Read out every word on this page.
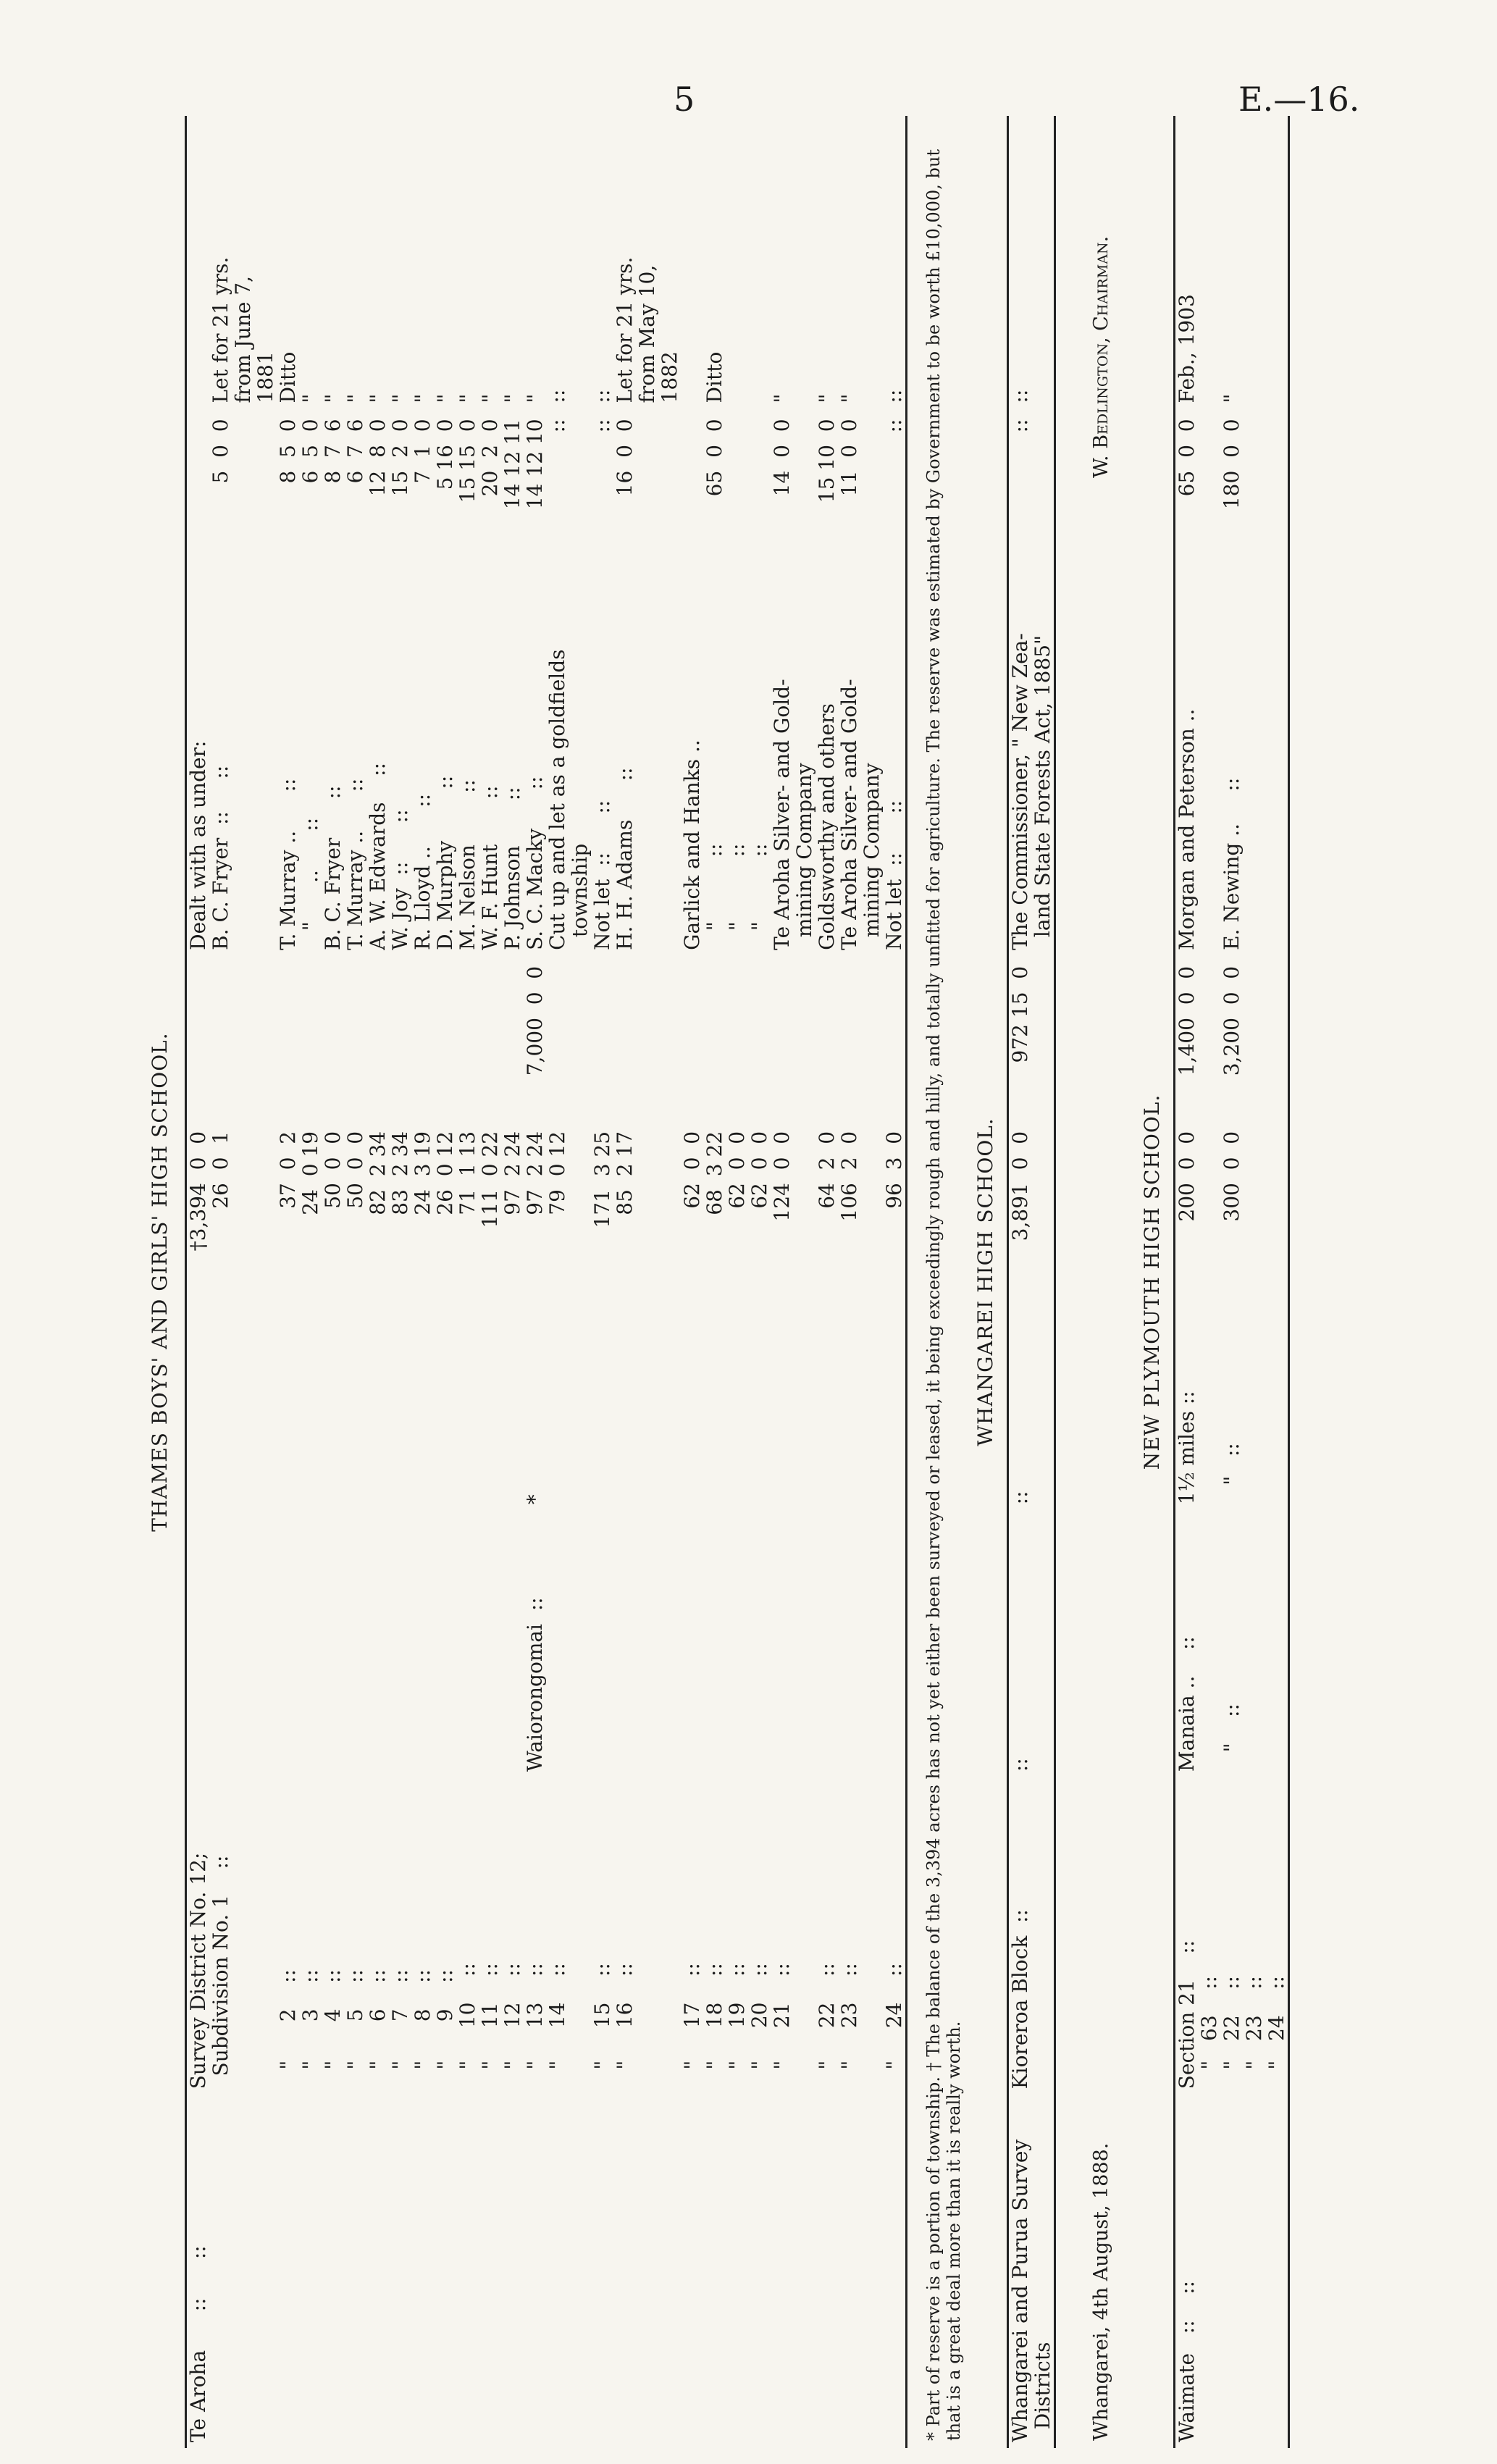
5	E.—16.
THAMES BOYS' AND GIRLS' HIGH SCHOOL.
Te Aroha      ::      ::
Survey District No. 12;
†3,394  0  0
Dealt with as under:
Subdivision No. 1    ::
26  0  1
B. C. Fryer  ::     ::
5  0  0
Let for 21 yrs.
from June 7,
1881
"      2    ::
37  0  2
T. Murray ..      ::
8  5  0
Ditto
"      3    ::
24  0 19
"      ..      ::
6  5  0
"
"      4    ::
50  0  0
B. C. Fryer      ::
8  7  6
"
"      5    ::
50  0  0
T. Murray ..      ::
6  7  6
"
"      6    ::
82  2 34
A. W. Edwards    ::
12  8  0
"
"      7    ::
83  2 34
W. Joy  ::      ::
15  2  0
"
"      8    ::
24  3 19
R. Lloyd ..      ::
7  1  0
"
"      9    ::
26  0 12
D. Murphy        ::
5 16  0
"
"     10    ::
71  1 13
M. Nelson        ::
15 15  0
"
"     11    ::
111  0 22
W. F. Hunt       ::
20  2  0
"
"     12    ::
97  2 24
P. Johnson       ::
14 12 11
"
"     13    ::
Waiorongomai  ::
*
97  2 24
7,000  0  0
S. C. Macky      ::
14 12 10
"
"     14    ::
79  0 12
Cut up and let as a goldfields
::
::
township
"     15    ::
171  3 25
Not let  ::      ::
::
::
"     16    ::
85  2 17
H. H. Adams      ::
16  0  0
Let for 21 yrs.
from May 10,
1882
"     17    ::
62  0  0
Garlick and Hanks ..
"     18    ::
68  3 22
"          ::
65  0  0
Ditto
"     19    ::
62  0  0
"          ::
"     20    ::
62  0  0
"          ::
"     21    ::
124  0  0
Te Aroha Silver- and Gold-
14  0  0
"
mining Company
"     22    ::
64  2  0
Goldsworthy and others
15 10  0
"
"     23    ::
106  2  0
Te Aroha Silver- and Gold-
11  0  0
"
mining Company
"     24    ::
96  3  0
Not let  ::      ::
::
:: * Part of reserve is a portion of township. † The balance of the 3,394 acres has not yet either been surveyed or leased, it being exceedingly rough and hilly, and totally unfitted for agriculture. The reserve was estimated by Government to be worth £10,000, but that is a great deal more than it is really worth.
WHANGAREI HIGH SCHOOL.
Whangarei and Purua Survey
Kioreroa Block  ::
::
::
3,891  0  0
972 15  0
The Commissioner, " New Zea-
::
::
Districts
land State Forests Act, 1885"
Whangarei, 4th August, 1888.
W. Bedlington, Chairman.
NEW PLYMOUTH HIGH SCHOOL.
Waimate   ::    ::
Section 21    ::
Manaia ..    ::
1½ miles ::
200  0  0
1,400  0  0
Morgan and Peterson ..
65  0  0
Feb., 1903
"   63    ::
"   22    ::
"    ::
"   ::
300  0  0
3,200  0  0
E. Newing ..     ::
180  0  0
"
"   23    ::
"   24    ::
